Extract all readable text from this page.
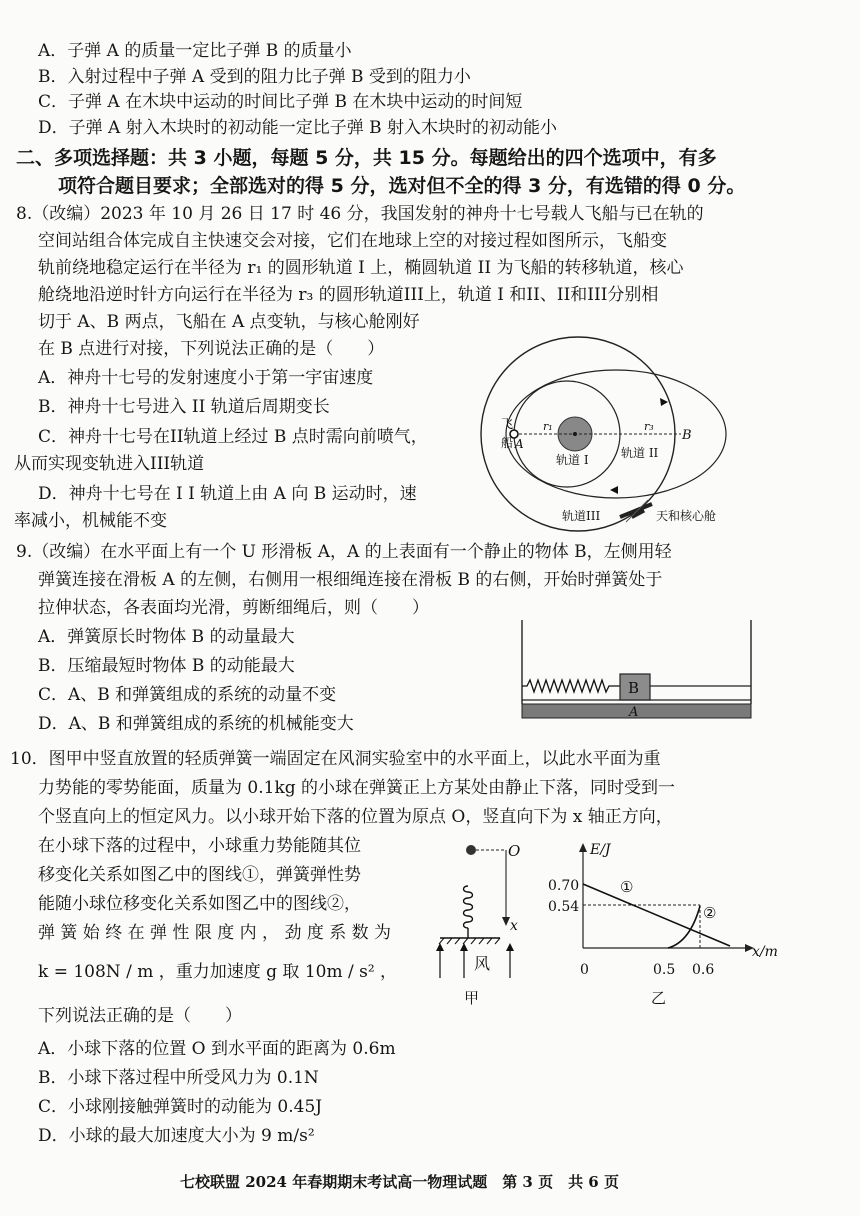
A．子弹 A 的质量一定比子弹 B 的质量小
B．入射过程中子弹 A 受到的阻力比子弹 B 受到的阻力小
C．子弹 A 在木块中运动的时间比子弹 B 在木块中运动的时间短
D．子弹 A 射入木块时的初动能一定比子弹 B 射入木块时的初动能小
二、多项选择题：共 3 小题，每题 5 分，共 15 分。每题给出的四个选项中，有多
项符合题目要求；全部选对的得 5 分，选对但不全的得 3 分，有选错的得 0 分。
8.（改编）2023 年 10 月 26 日 17 时 46 分，我国发射的神舟十七号载人飞船与已在轨的
空间站组合体完成自主快速交会对接，它们在地球上空的对接过程如图所示，飞船变
轨前绕地稳定运行在半径为 r₁ 的圆形轨道 I 上，椭圆轨道 II 为飞船的转移轨道，核心
舱绕地沿逆时针方向运行在半径为 r₃ 的圆形轨道III上，轨道 I 和II、II和III分别相
切于 A、B 两点，飞船在 A 点变轨，与核心舱刚好
在 B 点进行对接，下列说法正确的是（　　）
A．神舟十七号的发射速度小于第一宇宙速度
B．神舟十七号进入 II 轨道后周期变长
C．神舟十七号在II轨道上经过 B 点时需向前喷气，
从而实现变轨进入III轨道
D．神舟十七号在 I I 轨道上由 A 向 B 运动时，速
率减小，机械能不变
r₁	r₃
B
飞
船 A
轨道 I	轨道 II
轨道III	天和核心舱
9.（改编）在水平面上有一个 U 形滑板 A，A 的上表面有一个静止的物体 B，左侧用轻
弹簧连接在滑板 A 的左侧，右侧用一根细绳连接在滑板 B 的右侧，开始时弹簧处于
拉伸状态，各表面均光滑，剪断细绳后，则（　　）
A．弹簧原长时物体 B 的动量最大
B．压缩最短时物体 B 的动能最大
C．A、B 和弹簧组成的系统的动量不变
D．A、B 和弹簧组成的系统的机械能变大
A
B
10．图甲中竖直放置的轻质弹簧一端固定在风洞实验室中的水平面上，以此水平面为重
力势能的零势能面，质量为 0.1kg 的小球在弹簧正上方某处由静止下落，同时受到一
个竖直向上的恒定风力。以小球开始下落的位置为原点 O，竖直向下为 x 轴正方向，
在小球下落的过程中，小球重力势能随其位
移变化关系如图乙中的图线①，弹簧弹性势
能随小球位移变化关系如图乙中的图线②，
弹 簧 始 终 在 弹 性 限 度 内 ， 劲 度 系 数 为
k = 108N / m ，重力加速度 g 取 10m / s² ，
下列说法正确的是（　　）
A．小球下落的位置 O 到水平面的距离为 0.6m
B．小球下落过程中所受风力为 0.1N
C．小球刚接触弹簧时的动能为 0.45J
D．小球的最大加速度大小为 9 m/s²
O
x
风
甲
E/J
x/m
0
0.70
0.54
0.5 0.6
①
②
乙
七校联盟 2024 年春期期末考试高一物理试题　第 3 页　共 6 页
